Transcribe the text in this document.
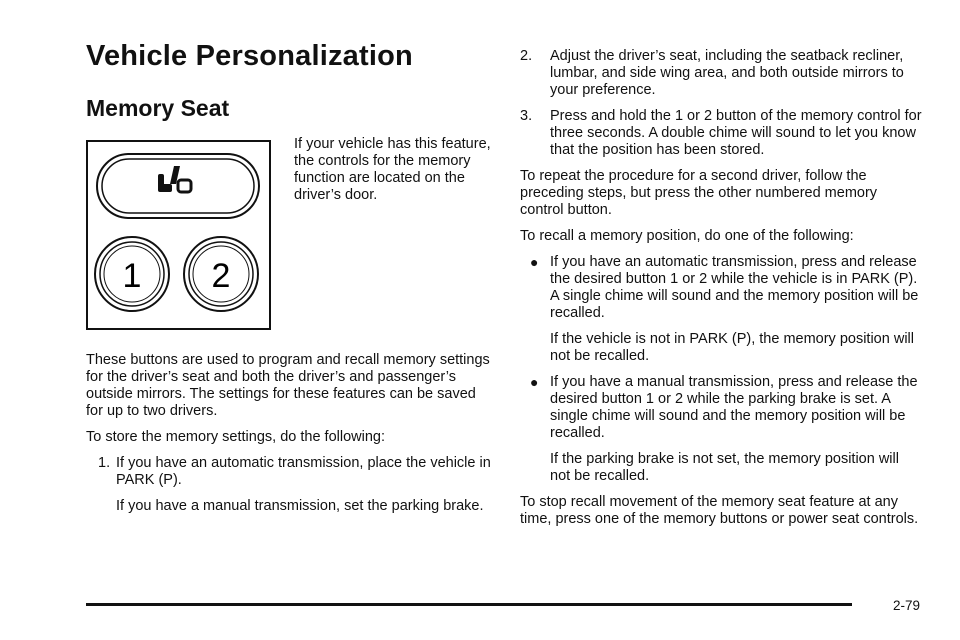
Vehicle Personalization
Memory Seat
1 2

If your vehicle has this feature, the controls for the memory function are located on the driver’s door.

These buttons are used to program and recall memory settings for the driver’s seat and both the driver’s and passenger’s outside mirrors. The settings for these features can be saved for up to two drivers.

To store the memory settings, do the following:

1. If you have an automatic transmission, place the vehicle in PARK (P).

If you have a manual transmission, set the parking brake.

2.	Adjust the driver’s seat, including the seatback recliner, lumbar, and side wing area, and both outside mirrors to your preference.
3.	Press and hold the 1 or 2 button of the memory control for three seconds. A double chime will sound to let you know that the position has been stored.

To repeat the procedure for a second driver, follow the preceding steps, but press the other numbered memory control button.

To recall a memory position, do one of the following:

● If you have an automatic transmission, press and release the desired button 1 or 2 while the vehicle is in PARK (P). A single chime will sound and the memory position will be recalled.

If the vehicle is not in PARK (P), the memory position will not be recalled.

● If you have a manual transmission, press and release the desired button 1 or 2 while the parking brake is set. A single chime will sound and the memory position will be recalled.

If the parking brake is not set, the memory position will not be recalled.

To stop recall movement of the memory seat feature at any time, press one of the memory buttons or power seat controls.

2-79
